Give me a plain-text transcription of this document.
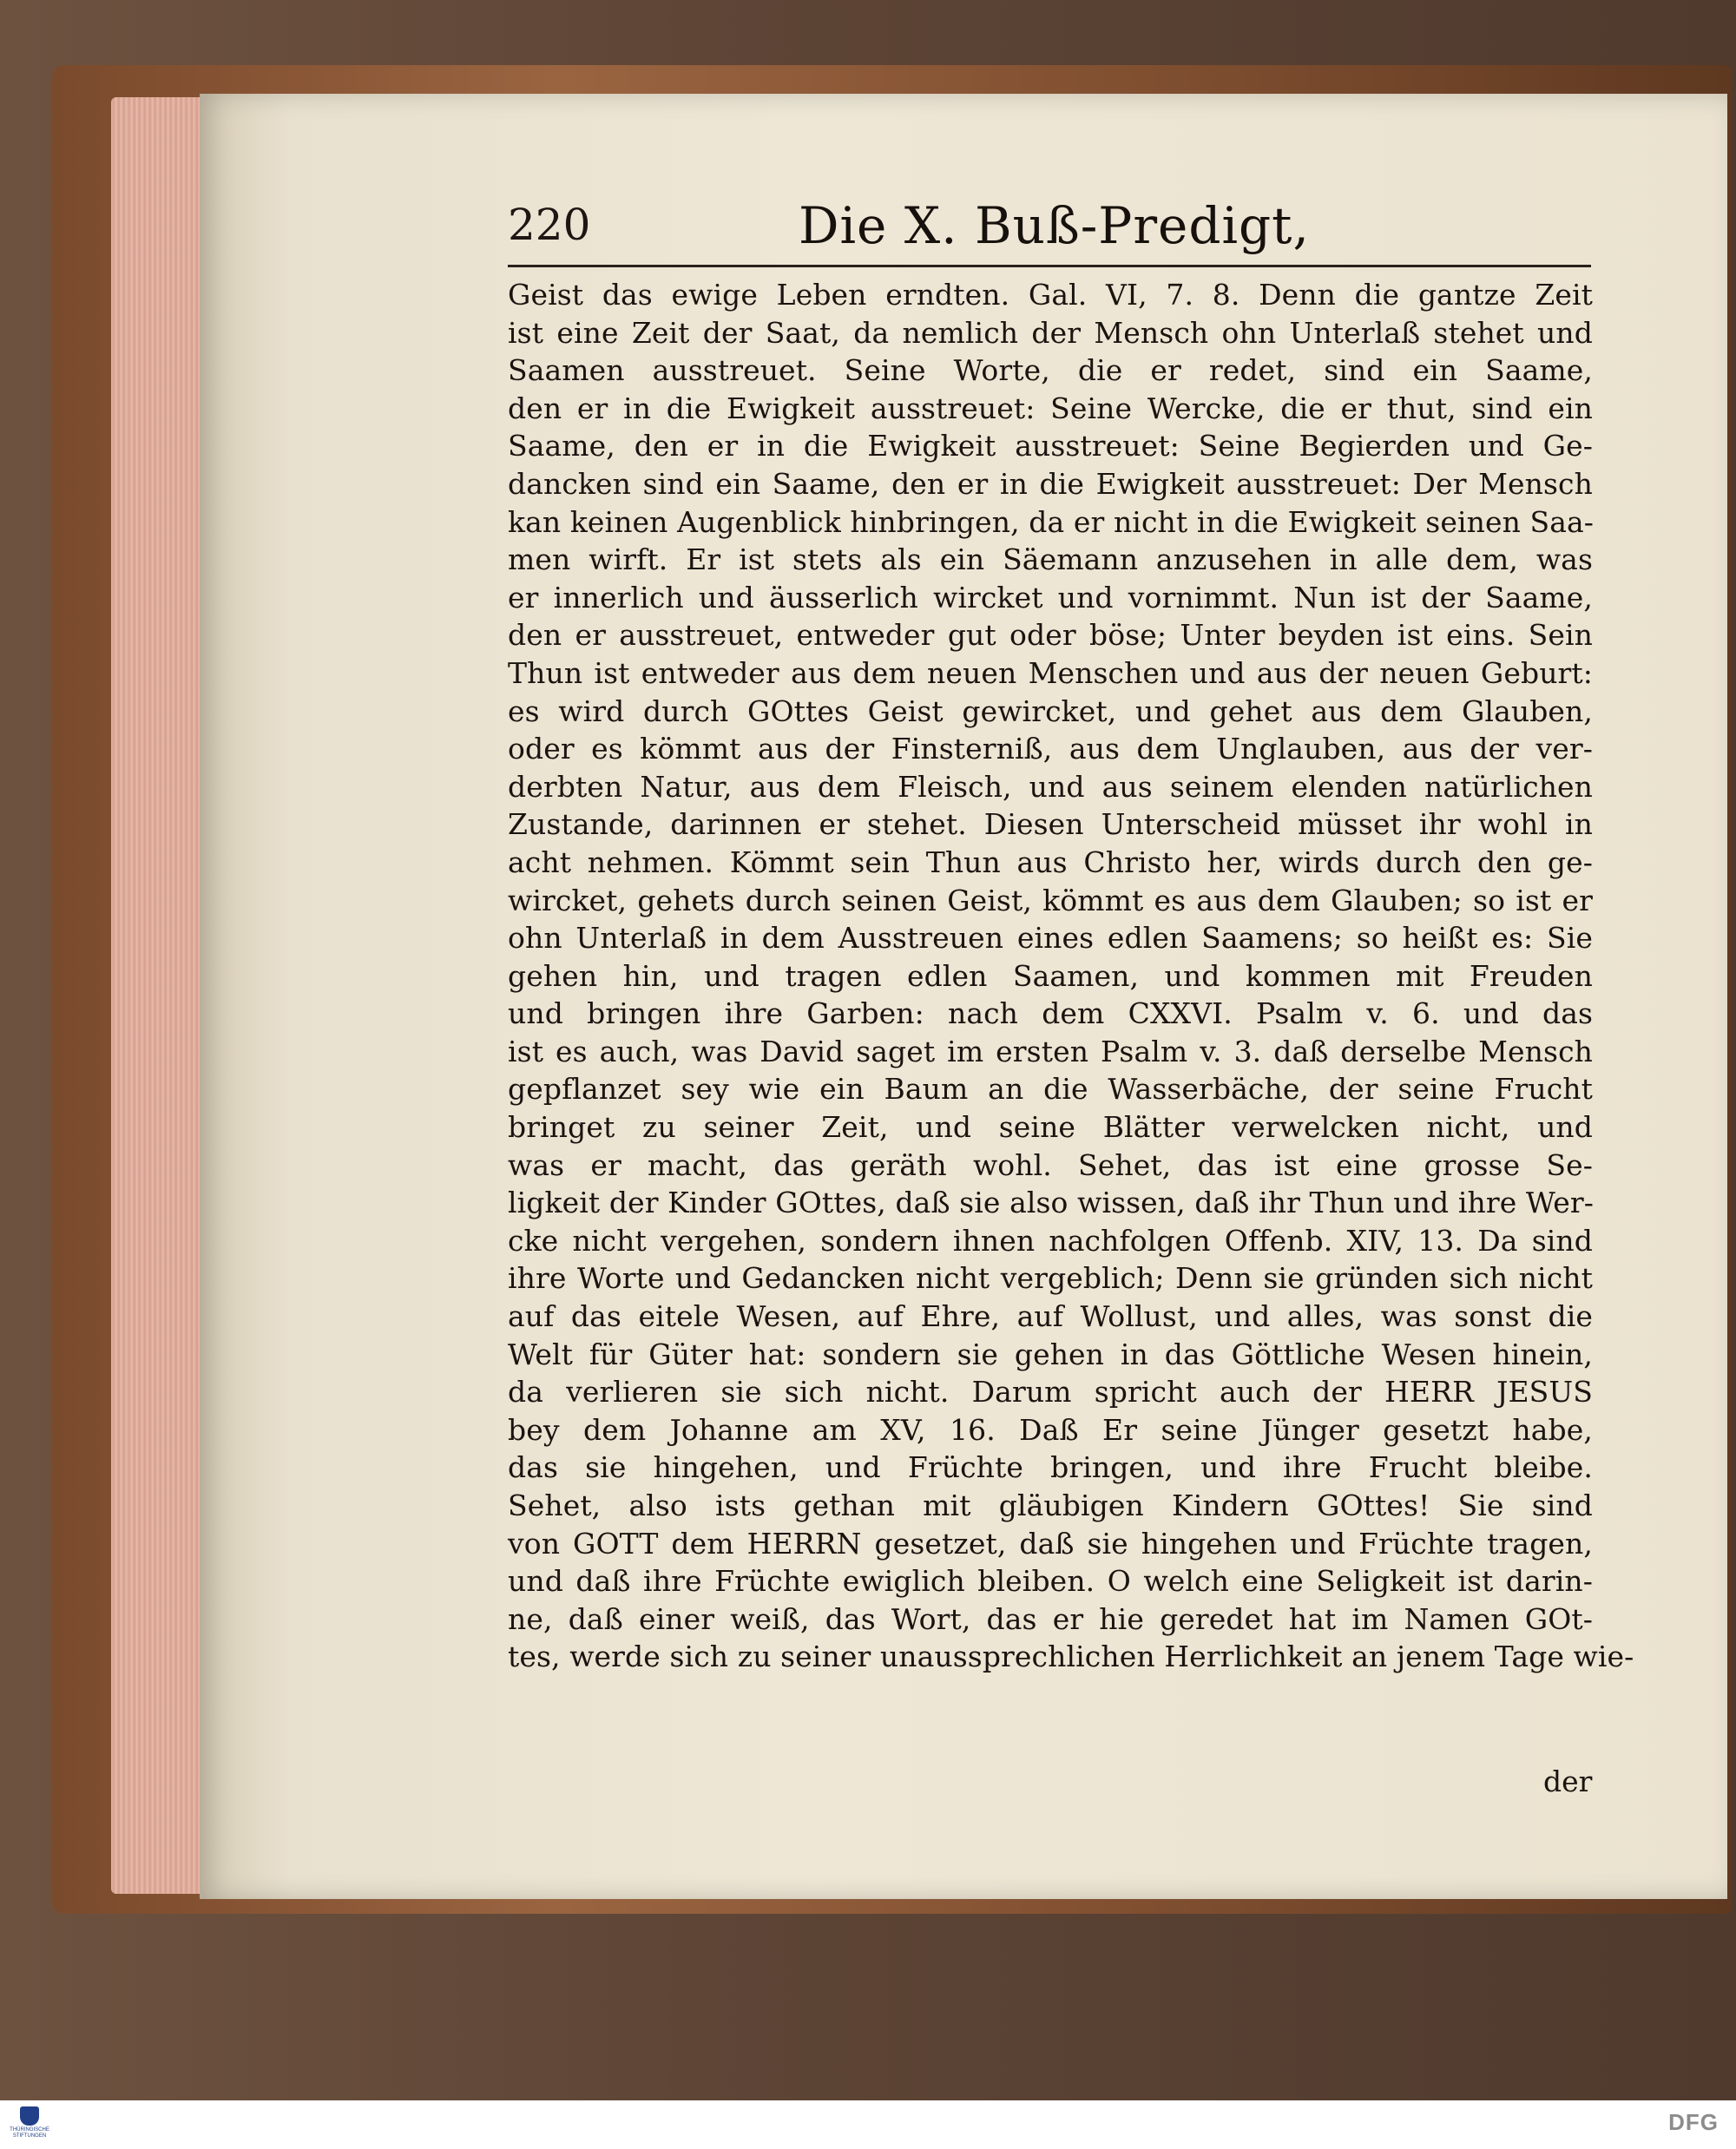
220	Die X. Buß-Predigt,
Geist das ewige Leben erndten. Gal. VI, 7. 8. Denn die gantze Zeit
ist eine Zeit der Saat, da nemlich der Mensch ohn Unterlaß stehet und
Saamen ausstreuet. Seine Worte, die er redet, sind ein Saame,
den er in die Ewigkeit ausstreuet: Seine Wercke, die er thut, sind ein
Saame, den er in die Ewigkeit ausstreuet: Seine Begierden und Ge-
dancken sind ein Saame, den er in die Ewigkeit ausstreuet: Der Mensch
kan keinen Augenblick hinbringen, da er nicht in die Ewigkeit seinen Saa-
men wirft. Er ist stets als ein Säemann anzusehen in alle dem, was
er innerlich und äusserlich wircket und vornimmt. Nun ist der Saame,
den er ausstreuet, entweder gut oder böse; Unter beyden ist eins. Sein
Thun ist entweder aus dem neuen Menschen und aus der neuen Geburt:
es wird durch GOttes Geist gewircket, und gehet aus dem Glauben,
oder es kömmt aus der Finsterniß, aus dem Unglauben, aus der ver-
derbten Natur, aus dem Fleisch, und aus seinem elenden natürlichen
Zustande, darinnen er stehet. Diesen Unterscheid müsset ihr wohl in
acht nehmen. Kömmt sein Thun aus Christo her, wirds durch den ge-
wircket, gehets durch seinen Geist, kömmt es aus dem Glauben; so ist er
ohn Unterlaß in dem Ausstreuen eines edlen Saamens; so heißt es: Sie
gehen hin, und tragen edlen Saamen, und kommen mit Freuden
und bringen ihre Garben: nach dem CXXVI. Psalm v. 6. und das
ist es auch, was David saget im ersten Psalm v. 3. daß derselbe Mensch
gepflanzet sey wie ein Baum an die Wasserbäche, der seine Frucht
bringet zu seiner Zeit, und seine Blätter verwelcken nicht, und
was er macht, das geräth wohl. Sehet, das ist eine grosse Se-
ligkeit der Kinder GOttes, daß sie also wissen, daß ihr Thun und ihre Wer-
cke nicht vergehen, sondern ihnen nachfolgen Offenb. XIV, 13. Da sind
ihre Worte und Gedancken nicht vergeblich; Denn sie gründen sich nicht
auf das eitele Wesen, auf Ehre, auf Wollust, und alles, was sonst die
Welt für Güter hat: sondern sie gehen in das Göttliche Wesen hinein,
da verlieren sie sich nicht. Darum spricht auch der HERR JESUS
bey dem Johanne am XV, 16. Daß Er seine Jünger gesetzt habe,
das sie hingehen, und Früchte bringen, und ihre Frucht bleibe.
Sehet, also ists gethan mit gläubigen Kindern GOttes! Sie sind
von GOTT dem HERRN gesetzet, daß sie hingehen und Früchte tragen,
und daß ihre Früchte ewiglich bleiben. O welch eine Seligkeit ist darin-
ne, daß einer weiß, das Wort, das er hie geredet hat im Namen GOt-
tes, werde sich zu seiner unaussprechlichen Herrlichkeit an jenem Tage wie-
der
THÜRINGISCHE STIFTUNGEN
DFG
